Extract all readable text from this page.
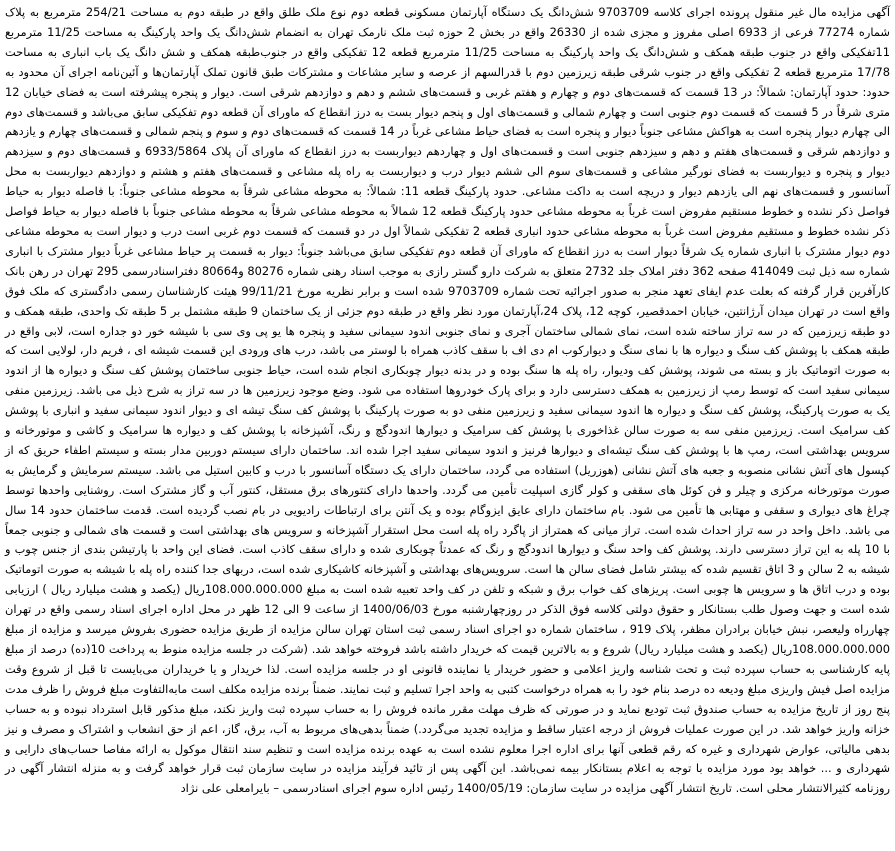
آگهی مزایده مال غیر منقول پرونده اجرای کلاسه 9703709 شش‌دانگ یک دستگاه آپارتمان مسکونی قطعه دوم نوع ملک طلق واقع در طبقه دوم به مساحت 254/21 مترمربع به پلاک شماره 77274 فرعی از 6933 اصلی مفروز و مجزی شده از 26330 واقع در بخش 2 حوزه ثبت ملک نارمک تهران به انضمام شش‌دانگ یک واحد پارکینگ به مساحت 11/25 مترمربع 11تفکیکی واقع در جنوب طبقه همکف و شش‌دانگ یک واحد پارکینگ به مساحت 11/25 مترمربع قطعه 12 تفکیکی واقع در جنوب‌طبقه همکف و شش دانگ یک باب انباری به مساحت 17/78 مترمربع قطعه 2 تفکیکی واقع در جنوب شرقی طبقه زیرزمین دوم با قدرالسهم از عرصه و سایر مشاعات و مشترکات طبق قانون تملک آپارتمان‌ها و آئین‌نامه اجرای آن محدود به حدود: حدود آپارتمان: شمالاً: در 13 قسمت که قسمت‌های دوم و چهارم و هفتم غربی و قسمت‌های ششم و دهم و دوازدهم شرقی است. دیوار و پنجره پیشرفته است به فضای خیابان 12 متری شرقاً در 5 قسمت که قسمت دوم جنوبی است و چهارم شمالی و قسمت‌های اول و پنجم دیوار بست به درز انقطاع که ماورای آن قطعه دوم تفکیکی سابق می‌باشد و قسمت‌های دوم الی چهارم دیوار پنجره است به هواکش مشاعی جنوباً دیوار و پنجره است به فضای حیاط مشاعی غرباً در 14 قسمت که قسمت‌های دوم و سوم و پنجم شمالی و قسمت‌های چهارم و یازدهم و دوازدهم شرقی و قسمت‌های هفتم و دهم و سیزدهم جنوبی است و قسمت‌های اول و چهاردهم دیواربست به درز انقطاع که ماورای آن پلاک 6933/5864 و قسمت‌های دوم و سیزدهم دیوار و پنجره و دیواربست به فضای نورگیر مشاعی و قسمت‌های سوم الی ششم دیوار درب و دیواربست به راه پله مشاعی و قسمت‌های هفتم و هشتم و دوازدهم دیواربست به محل آسانسور و قسمت‌های نهم الی یازدهم دیوار و دریچه است به داکت مشاعی. حدود پارکینگ قطعه 11: شمالاً: به محوطه مشاعی شرقاً به محوطه مشاعی جنوباً: با فاصله دیوار به حیاط فواصل ذکر نشده و خطوط مستقیم مفروض است غرباً به محوطه مشاعی حدود پارکینگ قطعه 12 شمالاً به محوطه مشاعی شرقاً به محوطه مشاعی جنوباً با فاصله دیوار به حیاط فواصل ذکر نشده خطوط و مستقیم مفروض است غرباً به محوطه مشاعی حدود انباری قطعه 2 تفکیکی شمالاً اول در دو قسمت که قسمت دوم غربی است درب و دیوار است به محوطه مشاعی دوم دیوار مشترک با انباری شماره یک شرقاً دیوار است به درز انقطاع که ماورای آن قطعه دوم تفکیکی سابق می‌باشد جنوباً: دیوار به قسمت پر حیاط مشاعی غرباً دیوار مشترک با انباری شماره سه ذیل ثبت 414049 صفحه 362 دفتر املاک جلد 2732 متعلق به شرکت دارو گستر رازی به موجب اسناد رهنی شماره 80276 و80664 دفتراسنادرسمی 295 تهران در رهن بانک کارآفرین قرار گرفته که بعلت عدم ایفای تعهد منجر به صدور اجرائیه تحت شماره 9703709 شده است و برابر نظریه مورخ 99/11/21 هیئت کارشناسان رسمی دادگستری که ملک فوق واقع است در تهران میدان آرژانتین، خیابان احمدقصیر، کوچه 12، پلاک 24،آپارتمان مورد نظر واقع در طبقه دوم جزئی از یک ساختمان 9 طبقه مشتمل بر 5 طبقه تک واحدی، طبقه همکف و دو طبقه زیرزمین که در سه تراز ساخته شده است، نمای شمالی ساختمان آجری و نمای جنوبی اندود سیمانی سفید و پنجره ها یو پی وی سی با شیشه خور دو جداره است، لابی واقع در طبقه همکف با پوشش کف سنگ و دیواره ها با نمای سنگ و دیوارکوب ام دی اف با سقف کاذب همراه با لوستر می باشد، درب های ورودی این قسمت شیشه ای ، فریم دار، لولایی است که به صورت اتوماتیک باز و بسته می شوند، پوشش کف ودیوار، راه پله ها سنگ بوده و در بدنه دیوار چوبکاری انجام شده است، حیاط جنوبی ساختمان پوشش کف سنگ و دیواره ها از اندود سیمانی سفید است که توسط رمپ از زیرزمین به همکف دسترسی دارد و برای پارک خودروها استفاده می شود. وضع موجود زیرزمین ها در سه تراز به شرح ذیل می باشد. زیرزمین منفی یک به صورت پارکینگ، پوشش کف سنگ و دیواره ها اندود سیمانی سفید و زیرزمین منفی دو به صورت پارکینگ با پوشش کف سنگ تیشه ای و دیوار اندود سیمانی سفید و انباری با پوشش کف سرامیک است. زیرزمین منفی سه به صورت سالن غذاخوری با پوشش کف سرامیک و دیوارها اندودگچ و رنگ، آشپزخانه با پوشش کف و دیواره ها سرامیک و کاشی و موتورخانه و سرویس بهداشتی است، رمپ ها با پوشش کف سنگ تیشه‌ای و دیوارها فرنیز و اندود سیمانی سفید اجرا شده اند. ساختمان دارای سیستم دوربین مدار بسته و سیستم اطفاء حریق که از کپسول های آتش نشانی منصوبه و جعبه های آتش نشانی (هوزریل) استفاده می گردد، ساختمان دارای یک دستگاه آسانسور با درب و کابین استیل می باشد. سیستم سرمایش و گرمایش به صورت موتورخانه مرکزی و چیلر و فن کوئل های سقفی و کولر گازی اسپلیت تأمین می گردد. واحدها دارای کنتورهای برق مستقل، کنتور آب و گاز مشترک است. روشنایی واحدها توسط چراغ های دیواری و سقفی و مهتابی ها تأمین می شود. بام ساختمان دارای عایق ایزوگام بوده و یک آنتن برای ارتباطات رادیویی در بام نصب گردیده است. قدمت ساختمان حدود 14 سال می باشد. داخل واحد در سه تراز احداث شده است. تراز میانی که همتراز از پاگرد راه پله است محل استقرار آشپزخانه و سرویس های بهداشتی است و قسمت های شمالی و جنوبی جمعاً با 10 پله به این تراز دسترسی دارند. پوشش کف واحد سنگ و دیوارها اندودگچ و رنگ که عمدتاً چوبکاری شده و دارای سقف کاذب است. فضای این واحد با پارتیشن بندی از جنس چوب و شیشه به 2 سالن و 3 اتاق تقسیم شده که بیشتر شامل فضای سالن ها است. سرویس‌های بهداشتی و آشپزخانه کاشیکاری شده است، دربهای جدا کننده راه پله با شیشه به صورت اتوماتیک بوده و درب اتاق ها و سرویس ها چوبی است. پریزهای کف خواب برق و شبکه و تلفن در کف واحد تعبیه شده است به مبلغ 108.000.000.000ریال (یکصد و هشت میلیارد ریال ) ارزیابی شده است و جهت وصول طلب بستانکار و حقوق دولتی کلاسه فوق الذکر در روزچهارشنبه مورخ 1400/06/03 از ساعت 9 الی 12 ظهر در محل اداره اجرای اسناد رسمی واقع در تهران چهارراه ولیعصر، نبش خیابان برادران مظفر، پلاک 919 ، ساختمان شماره دو اجرای اسناد رسمی ثبت استان تهران سالن مزایده از طریق مزایده حضوری بفروش میرسد و مزایده از مبلغ 108.000.000.000ریال (یکصد و هشت میلیارد ریال) شروع و به بالاترین قیمت که خریدار داشته باشد فروخته خواهد شد. (شرکت در جلسه مزایده منوط به پرداخت 10(ده) درصد از مبلغ پایه کارشناسی به حساب سپرده ثبت و تحت شناسه واریز اعلامی و حضور خریدار یا نماینده قانونی او در جلسه مزایده است. لذا خریدار و یا خریداران می‌بایست تا قبل از شروع وقت مزایده اصل فیش واریزی مبلغ ودیعه ده درصد بنام خود را به همراه درخواست کتبی به واحد اجرا تسلیم و ثبت نمایند. ضمناً برنده مزایده مکلف است مابه‌التفاوت مبلغ فروش را ظرف مدت پنج روز از تاریخ مزایده به حساب صندوق ثبت تودیع نماید و در صورتی که ظرف مهلت مقرر مانده فروش را به حساب سپرده ثبت واریز نکند، مبلغ مذکور قابل استرداد نبوده و به حساب خزانه واریز خواهد شد. در این صورت عملیات فروش از درجه اعتبار ساقط و مزایده تجدید می‌گردد.) ضمناً بدهی‌های مربوط به آب، برق، گاز، اعم از حق انشعاب و اشتراک و مصرف و نیز بدهی مالیاتی، عوارض شهرداری و غیره که رقم قطعی آنها برای اداره اجرا معلوم نشده است به عهده برنده مزایده است و تنظیم سند انتقال موکول به ارائه مفاصا حساب‌های دارایی و شهرداری و ... خواهد بود مورد مزایده با توجه به اعلام بستانکار بیمه نمی‌باشد. این آگهی پس از تائید فرآیند مزایده در سایت سازمان ثبت قرار خواهد گرفت و به منزله انتشار آگهی در روزنامه کثیرالانتشار محلی است. تاریخ انتشار آگهی مزایده در سایت سازمان: 1400/05/19 رئیس اداره سوم اجرای اسنادرسمی – بایرامعلی علی نژاد
